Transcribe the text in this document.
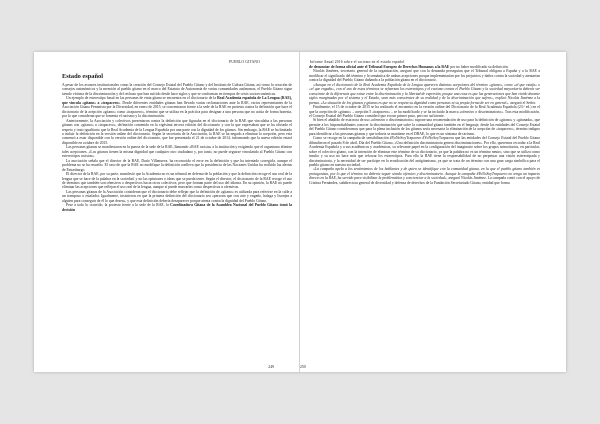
PUEBLO GITANO
Estado español

A pesar de los avances institucionales como la creación del Consejo Estatal del Pueblo Gitano y del Instituto de Cultura Gitana, así como la creación de consejos autonómicos y la mención al pueblo gitano en el marco del Estatuto de Autonomía de varias comunidades autónomas, el Pueblo Gitano sigue siendo víctima de la discriminación y del rechazo que han sufrido desde hace siglos y que se conforman en tiempos de crisis socioeconómicas.

Un ejemplo de estereotipo basal en las personas de etnia gitana se encuentra en el diccionario de la Real Academia española de La Lengua (RAE), que vincula «gitano» a «trapacero». Desde diferentes entidades gitanas han llevado varias reclamaciones ante la RAE, varios representantes de la Asociación Gitana Feminista por la Diversidad, en enero de 2015, se concentraron frente a la sede de la RAE en protesta contra la definición que hace el diccionario de la acepción «gitano» como «trapacero», término que se utiliza en la práctica para designar a una persona que no actúa de forma honesta, por lo que consideran que se fomenta el racismo y la discriminación.

Anteriormente, la Asociación y colectivos presentaron contra la definición que figuraba en el diccionario de la RAE que vinculaba a las personas gitanas con «gitano» a «trapacero», definición contenida en la vigésima tercera edición del diccionario y con la que expresaban que se ha obviado el respeto y trato igualitario que la Real Academia de la Lengua Española por una parte con la dignidad de los gitanos. Sin embargo, la RAE se ha limitado a incluir la definición en la versión online del diccionario. Según la secretaria de la Asociación, la RAE se ha negado a eliminar la acepción, pero esta comenzó a estar disponible con la versión online del diccionario, que fue presentada el 21 de octubre de 2014, informando que la nueva edición estará disponible en octubre de 2015.

Las personas gitanas se manifestaron en la puerta de la sede de la RAE, llamando «RAE racista» a la institución y exigiendo que el organismo elimine tales acepciones. «Los gitanos tienen la misma dignidad que cualquier otro ciudadano y, por tanto, no puede seguirse vinculando al Pueblo Gitano con estereotipos racistas».

La asociación señala que el director de la RAE, Darío Villanueva, ha reconocido el error en la definición y que ha intentado corregirla, aunque el problema no se ha resuelto. El caso de que la RAE no modifique la definición conlleva que la presidencia de las Naciones Unidas ha recibido las alertas de Estrasburgo.

El director de la RAE, por su parte, manifestó que la Academia no es un tribunal en defensa de la población y que la definición recoge el uso real de la lengua que se hace de la palabra en la sociedad, y no las opiniones o ideas que se pueda tener. Según el director, el diccionario de la RAE recoge el uso de términos que también son ofensivos o despectivos hacia otros colectivos, pero que forman parte del uso del idioma. En su opinión, la RAE no puede eliminar las acepciones que reflejan el uso real de la lengua, aunque sí puede marcarlas como despectivas u ofensivas.

Las personas gitanas de la Asociación consideran que el diccionario debe reflejar que la definición de «gitano» es utilizada para referirse en la calle a un tramposo o estafador. Igualmente, insistieron en que la primera definición del diccionario sea «persona que con arte y engaño, halaga y lisonjea a alguien para conseguir de él lo que desea», y que esta definición debería desaparecer porque atenta contra la dignidad del Pueblo Gitano.

Pese a todo lo ocurrido, la protesta frente a la sede de la RAE, la Coordinadora Gitana de la Asamblea Nacional del Pueblo Gitano tomó la decisión

249
Informe Anual 2016 sobre el racismo en el estado español

de denunciar de forma oficial ante el Tribunal Europeo de Derechos Humanos a la RAE por no haber modificado su definición.

Nicolás Jiménez, secretario general de la organización, aseguró que con la demanda perseguían que el Tribunal obligara a España y a la RAE a modificar el significado del término y la semántica de ambas acepciones porque implementarían por los prejuicios y daños contra la sociedad y atentarían contra la dignidad del Pueblo Gitano dañando a la población gitana en el diccionario.

«Aunque en el diccionario de la Real Academia Española de la Lengua aparecen distintas acepciones del término «gitano», como «el que estafa» o «el que engaña», con el uso de estos términos se refuerzan los estereotipos y el racismo contra el Pueblo Gitano y la sociedad mayoritaria debería ser consciente de la diferencia que existe entre la discriminación y la libertad de expresión, porque una cosa es que las generaciones que han vivido durante siglos marginadas por el sistema y el Estado, sean más conscientes de su realidad y de la discriminación que sufren», explicó Nicolás Jiménez a la prensa. «La situación de los gitanos y gitanas es que no se respeta su dignidad como personas ni su propia forma de ser en general», aseguró el Señor.

Finalmente, el 15 de octubre de 2015 se ha realizado el encuentro en la versión online del Diccionario de la Real Academia Española (23.ª ed.) en el que la acepción de «gitano» – acepción 5 «trapacero» – se ha modificado y se ha incluido la marca «ofensivo o discriminatorio». Tras esta modificación, el Consejo Estatal del Pueblo Gitano consideró que era un primer paso, pero no suficiente.

Si bien el añadido de esta nota de uso «ofensivo o discriminatorio» supone una recomendación de uso para la definición de «gitano» y «gitanada», que permite a los hispanohablantes conocer la discriminación que sufre la comunidad gitana también en el lenguaje, desde las entidades del Consejo Estatal del Pueblo Gitano consideramos que para la plena inclusión de los gitanos sería necesaria la eliminación de la acepción de «trapacero», término indigno para identificar a las personas gitanas y que todavía se mantiene en el DRAE, lo que es un síntoma de racismo.

Como se recoge en la campaña de sensibilización #YoNoSoyTrapacero #YoNoSoyTrapacera que las entidades del Consejo Estatal del Pueblo Gitano difundieron el pasado 8 de abril, Día del Pueblo Gitano, «Una definición discriminatoria genera discriminaciones». Por ello, queremos recordar a la Real Academia Española y a sus académicos y académicas, su relevante papel en la configuración del imaginario sobre los grupos minoritarios, en particular, sobre el colectivo gitano, con la intención de eliminar este término de su diccionario, ya que la palabra no es un término neutro, sino que se utiliza como insulto y su uso no hace más que reforzar los estereotipos. Para ello la RAE tiene la responsabilidad de no perpetuar una visión estereotipada y discriminatoria, y la necesidad de ser partícipe en la erradicación del antigitanismo, ya que se trata de un término con una gran carga simbólica para el pueblo gitano en nuestra sociedad.

«La campaña apela a los sentimientos de los hablantes y de quien se identifique con la comunidad gitana, en la que el pueblo gitano también es protagonista, por lo que el término no debería seguir siendo ofensivo y discriminatorio. Aunque la campaña #YoNoSoyTrapacero no tenga un impacto directo en la RAE, ha servido para visibilizar la problemática y concienciar a la sociedad», aseguró Nicolás Jiménez. La campaña contó con el apoyo de Cristina Fernández, subdirectora general de diversidad y defensa de derechos de la Fundación Secretariado Gitano, entidad que forma

250
